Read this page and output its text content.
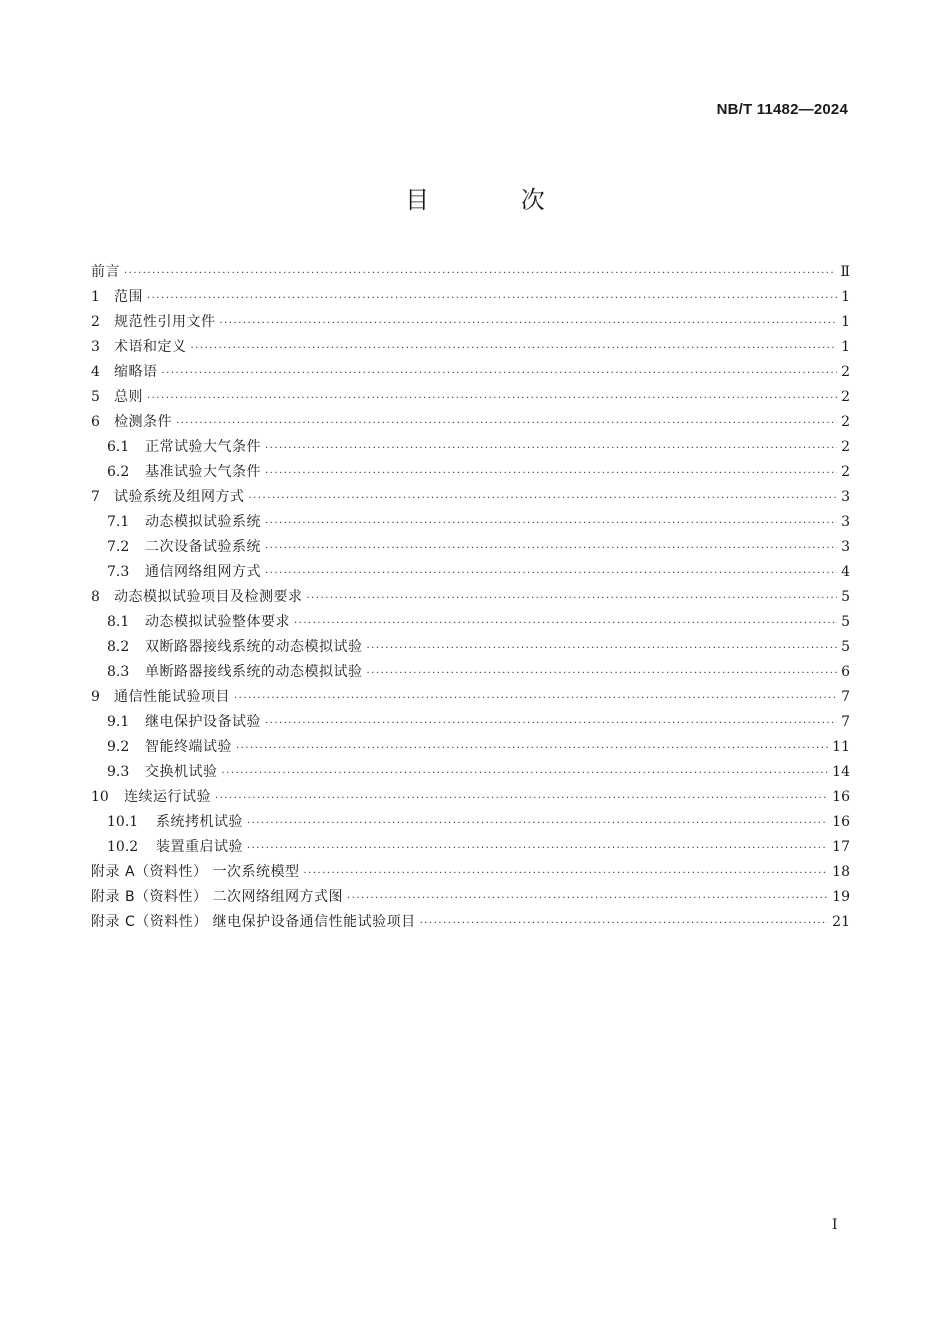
NB/T 11482—2024
目 次
前言 ·····	Ⅱ
1	范围 ·····	1
2	规范性引用文件 ·····	1
3	术语和定义 ·····	1
4	缩略语 ·····	2
5	总则 ·····	2
6	检测条件 ·····	2
6.1	正常试验大气条件 ·····	2
6.2	基准试验大气条件 ·····	2
7	试验系统及组网方式 ·····	3
7.1	动态模拟试验系统 ·····	3
7.2	二次设备试验系统 ·····	3
7.3	通信网络组网方式 ·····	4
8	动态模拟试验项目及检测要求 ·····	5
8.1	动态模拟试验整体要求 ·····	5
8.2	双断路器接线系统的动态模拟试验 ·····	5
8.3	单断路器接线系统的动态模拟试验 ·····	6
9	通信性能试验项目 ·····	7
9.1	继电保护设备试验 ·····	7
9.2	智能终端试验 ·····	11
9.3	交换机试验 ·····	14
10	连续运行试验 ·····	16
10.1	系统拷机试验 ·····	16
10.2	装置重启试验 ·····	17
附录 A（资料性） 一次系统模型 ·····	18
附录 B（资料性） 二次网络组网方式图 ·····	19
附录 C（资料性） 继电保护设备通信性能试验项目 ·····	21
I
